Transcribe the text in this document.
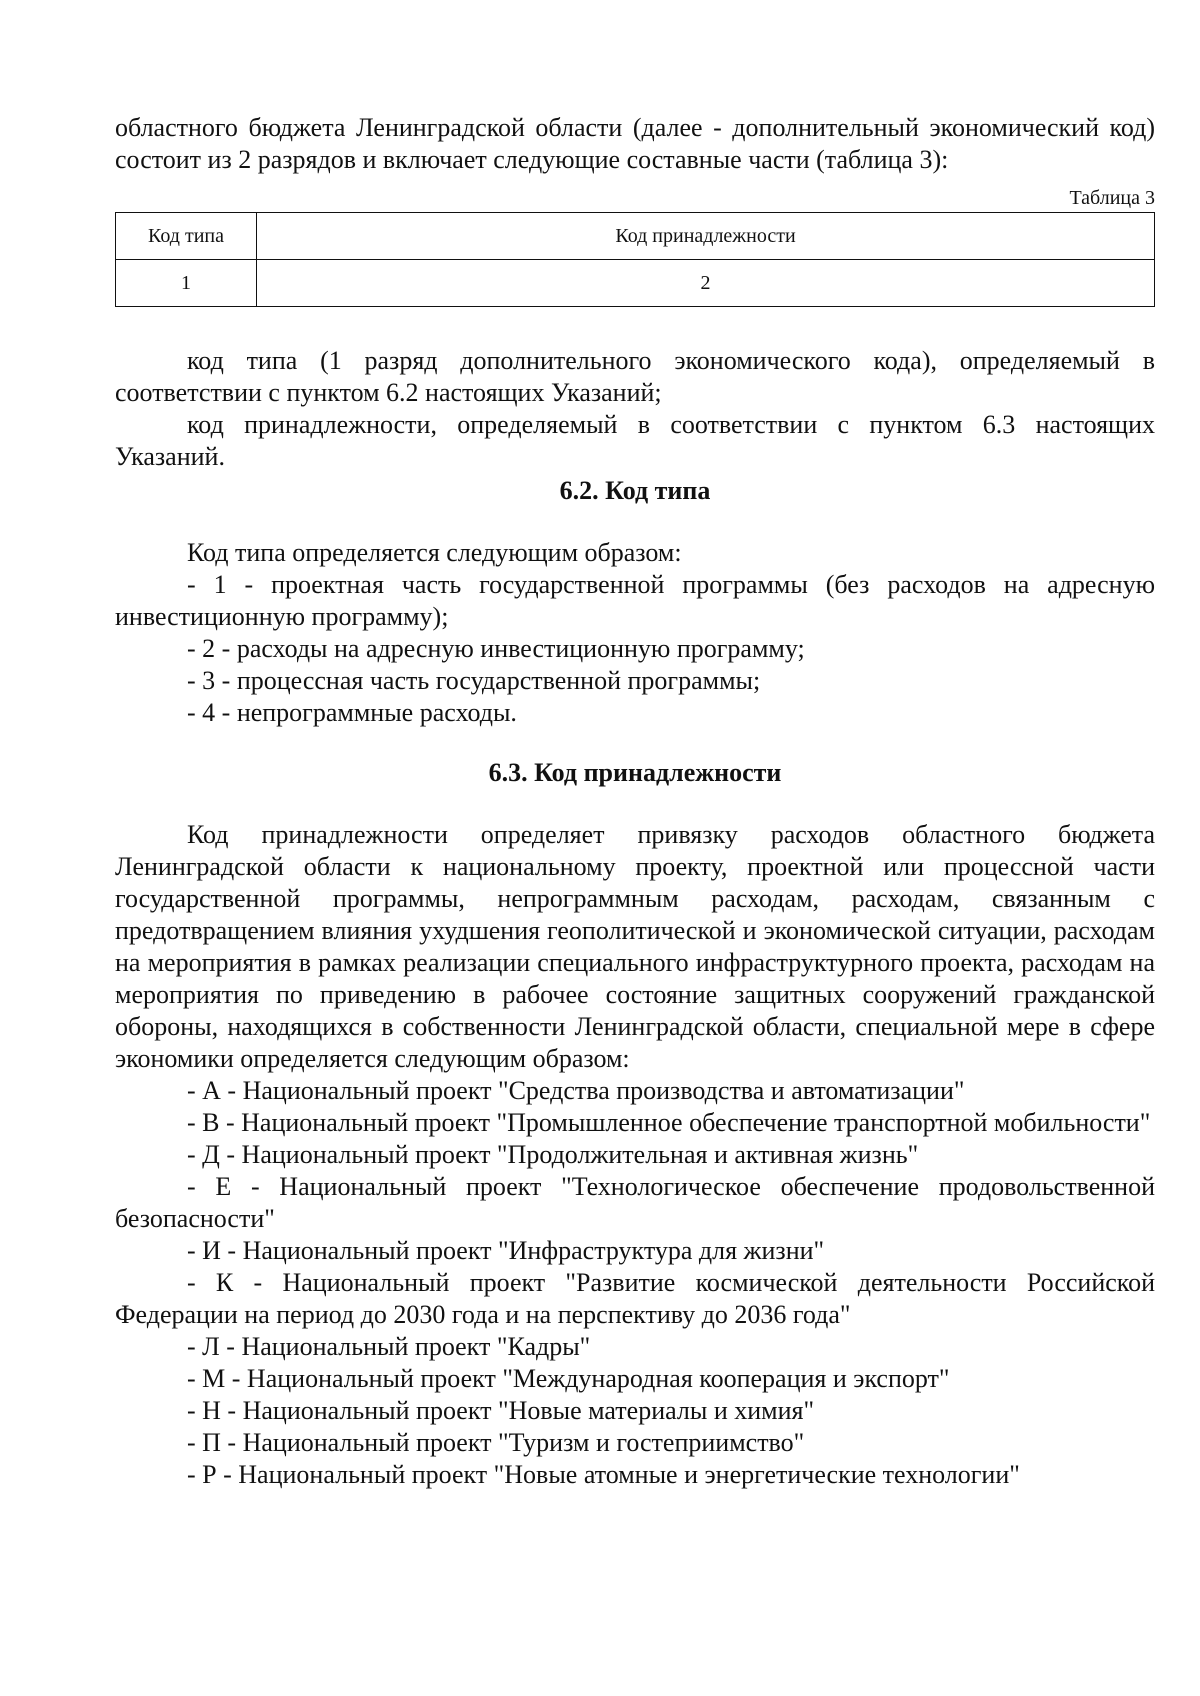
областного бюджета Ленинградской области (далее - дополнительный экономический код) состоит из 2 разрядов и включает следующие составные части (таблица 3):

Таблица 3
Код типа	Код принадлежности
1	2

код типа (1 разряд дополнительного экономического кода), определяемый в соответствии с пунктом 6.2 настоящих Указаний;

код принадлежности, определяемый в соответствии с пунктом 6.3 настоящих Указаний.

6.2. Код типа

Код типа определяется следующим образом:

- 1 - проектная часть государственной программы (без расходов на адресную инвестиционную программу);

- 2 - расходы на адресную инвестиционную программу;

- 3 - процессная часть государственной программы;

- 4 - непрограммные расходы.

6.3. Код принадлежности

Код принадлежности определяет привязку расходов областного бюджета Ленинградской области к национальному проекту, проектной или процессной части государственной программы, непрограммным расходам, расходам, связанным с предотвращением влияния ухудшения геополитической и экономической ситуации, расходам на мероприятия в рамках реализации специального инфраструктурного проекта, расходам на мероприятия по приведению в рабочее состояние защитных сооружений гражданской обороны, находящихся в собственности Ленинградской области, специальной мере в сфере экономики определяется следующим образом:

- А - Национальный проект "Средства производства и автоматизации"

- В - Национальный проект "Промышленное обеспечение транспортной мобильности"

- Д - Национальный проект "Продолжительная и активная жизнь"

- Е - Национальный проект "Технологическое обеспечение продовольственной безопасности"

- И - Национальный проект "Инфраструктура для жизни"

- К - Национальный проект "Развитие космической деятельности Российской Федерации на период до 2030 года и на перспективу до 2036 года"

- Л - Национальный проект "Кадры"

- М - Национальный проект "Международная кооперация и экспорт"

- Н - Национальный проект "Новые материалы и химия"

- П - Национальный проект "Туризм и гостеприимство"

- Р - Национальный проект "Новые атомные и энергетические технологии"
